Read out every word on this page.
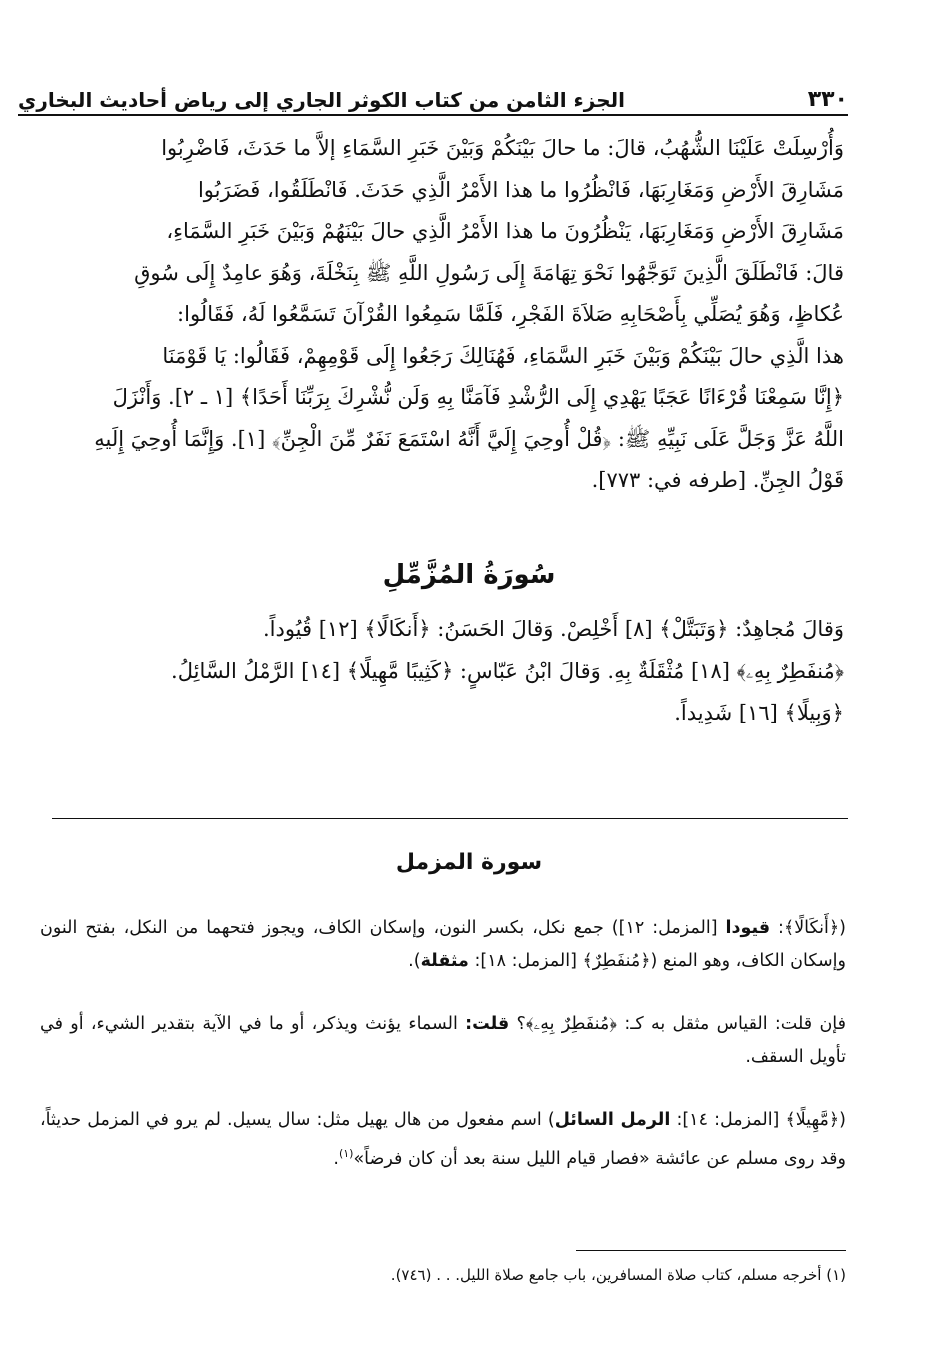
الجزء الثامن من كتاب الكوثر الجاري إلى رياض أحاديث البخاري	٣٣٠

وَأُرْسِلَتْ عَلَيْنَا الشُّهُبُ، قالَ: ما حالَ بَيْنَكُمْ وَبَيْنَ خَبَرِ السَّمَاءِ إلاَّ ما حَدَثَ، فَاضْرِبُوا

مَشَارِقَ الأَرْضِ وَمَغَارِبَهَا، فَانْظُرُوا ما هذا الأَمْرُ الَّذِي حَدَثَ. فَانْطَلَقُوا، فَضَرَبُوا

مَشَارِقَ الأَرْضِ وَمَغَارِبَهَا، يَنْظُرُونَ ما هذا الأَمْرُ الَّذِي حالَ بَيْنَهُمْ وَبَيْنَ خَبَرِ السَّمَاءِ،

قالَ: فَانْطَلَقَ الَّذِينَ تَوَجَّهُوا نَحْوَ تِهَامَةَ إِلَى رَسُولِ اللَّهِ ﷺ بِنَخْلَةَ، وَهُوَ عامِدٌ إِلَى سُوقِ

عُكاظٍ، وَهُوَ يُصَلِّي بِأَصْحَابِهِ صَلاَةَ الفَجْرِ، فَلَمَّا سَمِعُوا القُرْآنَ تَسَمَّعُوا لَهُ، فَقَالُوا:

هذا الَّذِي حالَ بَيْنَكُمْ وَبَيْنَ خَبَرِ السَّمَاءِ، فَهُنَالِكَ رَجَعُوا إِلَى قَوْمِهِمْ، فَقَالُوا: يَا قَوْمَنَا

﴿إِنَّا سَمِعْنَا قُرْءَانًا عَجَبًا يَهْدِي إِلَى الرُّشْدِ فَآمَنَّا بِهِ وَلَن نُّشْرِكَ بِرَبِّنَا أَحَدًا﴾ [١ ـ ٢]. وَأَنْزَلَ

اللَّهُ عَزَّ وَجَلَّ عَلَى نَبِيِّهِ ﷺ: ﴿قُلْ أُوحِيَ إِلَيَّ أَنَّهُ اسْتَمَعَ نَفَرٌ مِّنَ الْجِنِّ﴾ [١]. وَإِنَّمَا أُوحِيَ إِلَيهِ

قَوْلُ الجِنِّ. [طرفه في: ٧٧٣].

سُورَةُ المُزَّمِّلِ

وَقالَ مُجاهِدٌ: ﴿وَتَبَتَّلْ﴾ [٨] أَخْلِصْ. وَقالَ الحَسَنُ: ﴿أَنكَالًا﴾ [١٢] قُيُوداً.

﴿مُنفَطِرٌ بِهِۦ﴾ [١٨] مُثْقَلَةٌ بِهِ. وَقالَ ابْنُ عَبّاسٍ: ﴿كَثِيبًا مَّهِيلًا﴾ [١٤] الرَّمْلُ السَّائِلُ.

﴿وَبِيلًا﴾ [١٦] شَدِيداً.

سورة المزمل

(﴿أَنكَالًا﴾: قيودا [المزمل: ١٢]) جمع نكل، بكسر النون، وإسكان الكاف، ويجوز فتحهما من النكل، بفتح النون وإسكان الكاف، وهو المنع (﴿مُنفَطِرٌ﴾ [المزمل: ١٨]: مثقلة).

فإن قلت: القياس مثقل به كـ: ﴿مُنفَطِرٌ بِهِۦ﴾؟ قلت: السماء يؤنث ويذكر، أو ما في الآية بتقدير الشيء، أو في تأويل السقف.

(﴿مَّهِيلًا﴾ [المزمل: ١٤]: الرمل السائل) اسم مفعول من هال يهيل مثل: سال يسيل. لم يرو في المزمل حديثاً، وقد روى مسلم عن عائشة «فصار قيام الليل سنة بعد أن كان فرضاً»$^{(١)}$.

(١) أخرجه مسلم، كتاب صلاة المسافرين، باب جامع صلاة الليل. . . (٧٤٦).
